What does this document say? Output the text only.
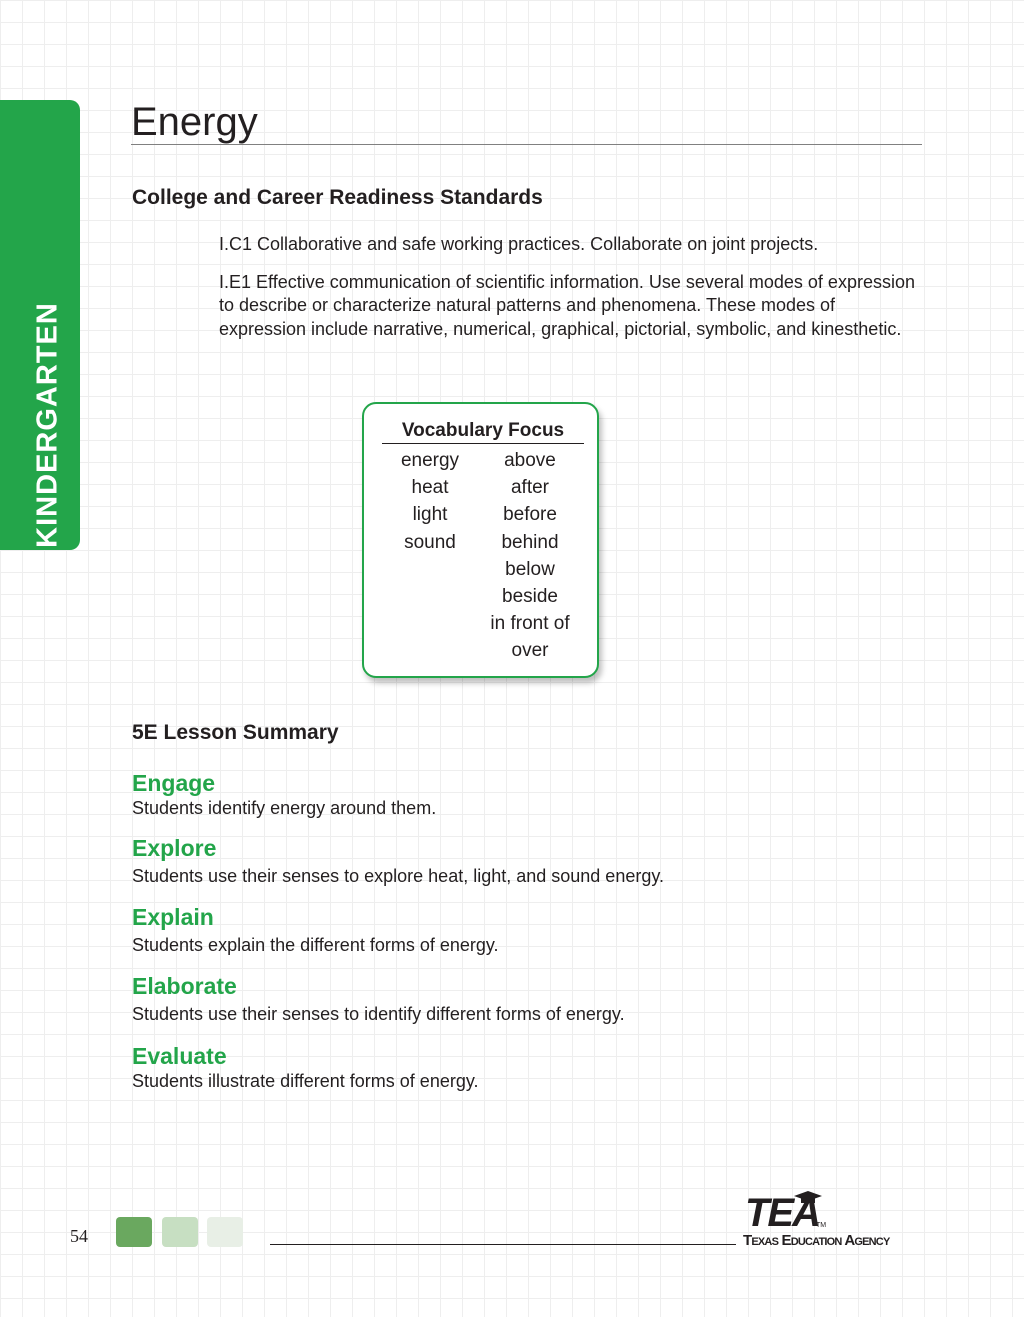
KINDERGARTEN
Energy
College and Career Readiness Standards

I.C1 Collaborative and safe working practices. Collaborate on joint projects.

I.E1 Effective communication of scientific information. Use several modes of expression to describe or characterize natural patterns and phenomena. These modes of expression include narrative, numerical, graphical, pictorial, symbolic, and kinesthetic.

Vocabulary Focus
energy
heat
light
sound
above
after
before
behind
below
beside
in front of
over
5E Lesson Summary
Engage
Students identify energy around them.
Explore
Students use their senses to explore heat, light, and sound energy.
Explain
Students explain the different forms of energy.
Elaborate
Students use their senses to identify different forms of energy.
Evaluate
Students illustrate different forms of energy.
54
TEA
TM
Texas Education Agency
